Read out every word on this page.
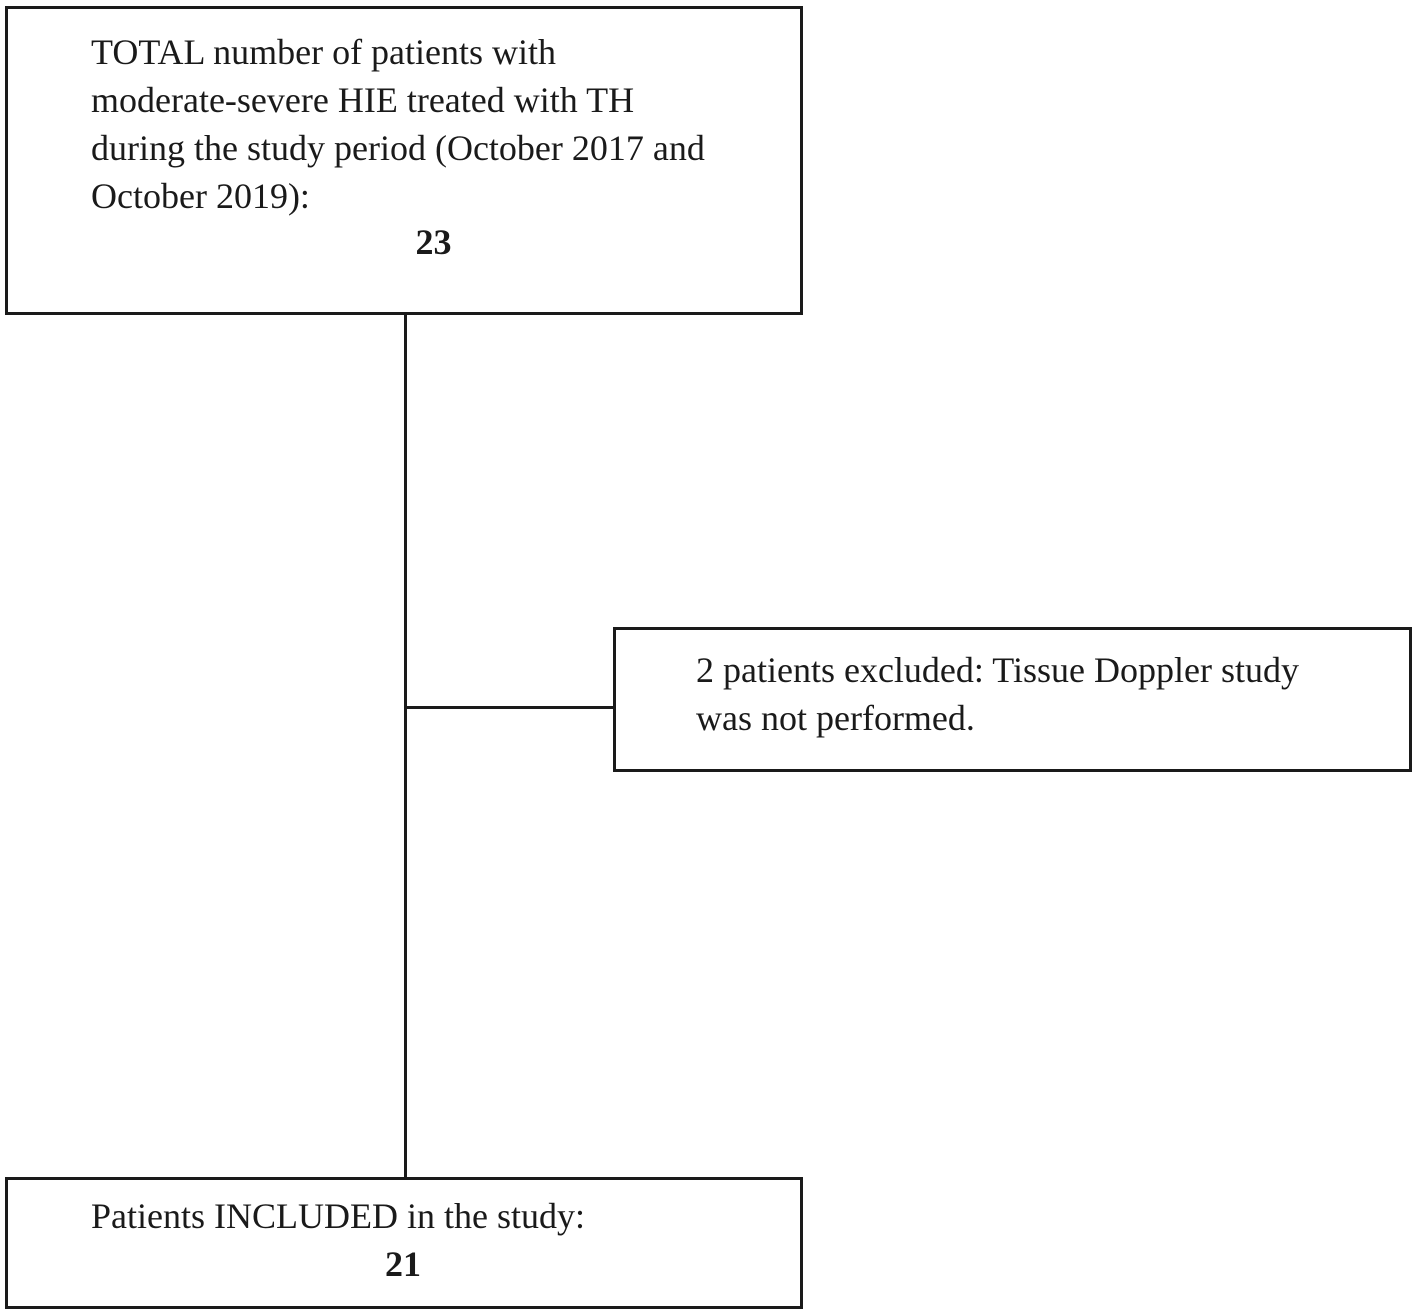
TOTAL number of patients with
moderate-severe HIE treated with TH
during the study period (October 2017 and
October 2019):
23
2 patients excluded: Tissue Doppler study
was not performed.
Patients INCLUDED in the study:
21
